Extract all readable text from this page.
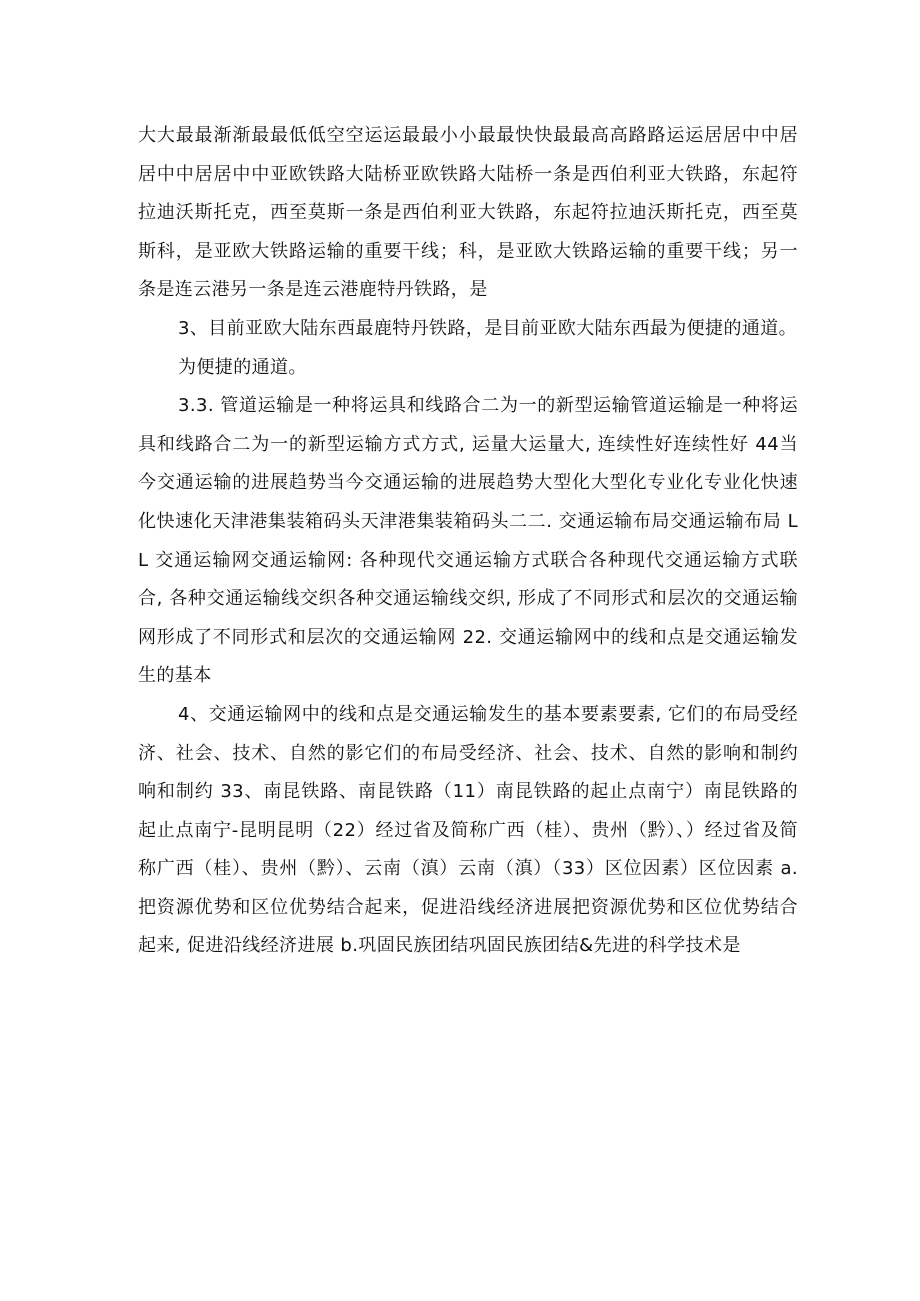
大大最最渐渐最最低低空空运运最最小小最最快快最最高高路路运运居居中中居居中中居居中中亚欧铁路大陆桥亚欧铁路大陆桥一条是西伯利亚大铁路，东起符拉迪沃斯托克，西至莫斯一条是西伯利亚大铁路，东起符拉迪沃斯托克，西至莫斯科，是亚欧大铁路运输的重要干线；科，是亚欧大铁路运输的重要干线；另一条是连云港另一条是连云港鹿特丹铁路，是

3、目前亚欧大陆东西最鹿特丹铁路，是目前亚欧大陆东西最为便捷的通道。

为便捷的通道。

3.3. 管道运输是一种将运具和线路合二为一的新型运输管道运输是一种将运具和线路合二为一的新型运输方式方式, 运量大运量大, 连续性好连续性好 44当今交通运输的进展趋势当今交通运输的进展趋势大型化大型化专业化专业化快速化快速化天津港集装箱码头天津港集装箱码头二二. 交通运输布局交通运输布局 LL 交通运输网交通运输网: 各种现代交通运输方式联合各种现代交通运输方式联合, 各种交通运输线交织各种交通运输线交织, 形成了不同形式和层次的交通运输网形成了不同形式和层次的交通运输网 22. 交通运输网中的线和点是交通运输发生的基本

4、交通运输网中的线和点是交通运输发生的基本要素要素, 它们的布局受经济、社会、技术、自然的影它们的布局受经济、社会、技术、自然的影响和制约响和制约 33、南昆铁路、南昆铁路（11）南昆铁路的起止点南宁）南昆铁路的起止点南宁-昆明昆明（22）经过省及简称广西（桂）、贵州（黔）、）经过省及简称广西（桂）、贵州（黔）、云南（滇）云南（滇）（33）区位因素）区位因素 a.把资源优势和区位优势结合起来，促进沿线经济进展把资源优势和区位优势结合起来, 促进沿线经济进展 b.巩固民族团结巩固民族团结&先进的科学技术是
